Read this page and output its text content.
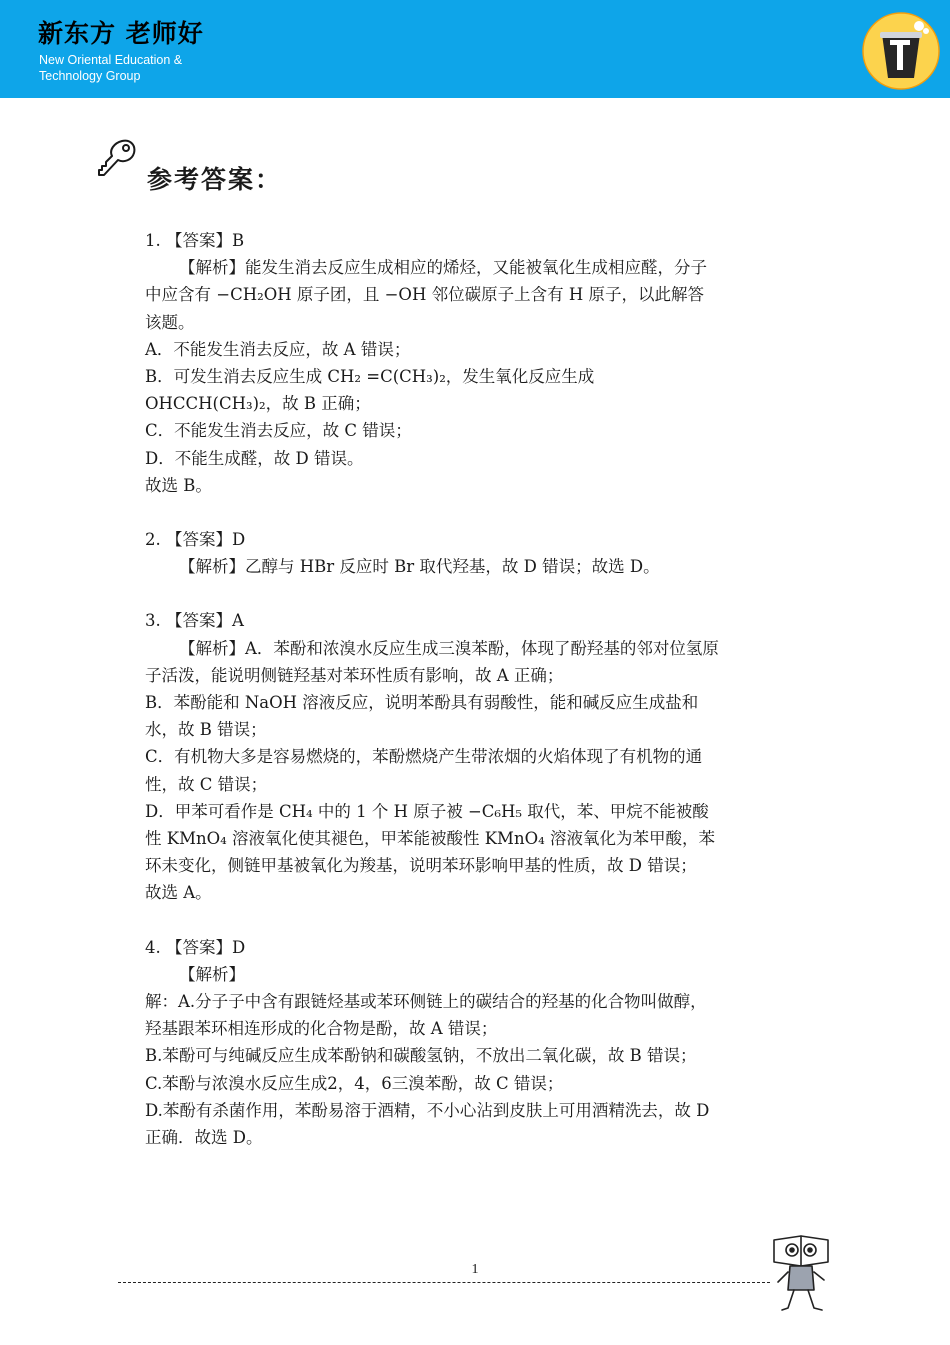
新东方 老师好
New Oriental Education &
Technology Group
参考答案：

1. 【答案】B

【解析】能发生消去反应生成相应的烯烃，又能被氧化生成相应醛，分子

中应含有 −CH₂OH 原子团，且 −OH 邻位碳原子上含有 H 原子，以此解答

该题。

A．不能发生消去反应，故 A 错误；

B．可发生消去反应生成 CH₂ =C(CH₃)₂，发生氧化反应生成

OHCCH(CH₃)₂，故 B 正确；

C．不能发生消去反应，故 C 错误；

D．不能生成醛，故 D 错误。

故选 B。

2. 【答案】D

【解析】乙醇与 HBr 反应时 Br 取代羟基，故 D 错误；故选 D。

3. 【答案】A

【解析】A．苯酚和浓溴水反应生成三溴苯酚，体现了酚羟基的邻对位氢原

子活泼，能说明侧链羟基对苯环性质有影响，故 A 正确；

B．苯酚能和 NaOH 溶液反应，说明苯酚具有弱酸性，能和碱反应生成盐和

水，故 B 错误；

C．有机物大多是容易燃烧的，苯酚燃烧产生带浓烟的火焰体现了有机物的通

性，故 C 错误；

D．甲苯可看作是 CH₄ 中的 1 个 H 原子被 −C₆H₅ 取代，苯、甲烷不能被酸

性 KMnO₄ 溶液氧化使其褪色，甲苯能被酸性 KMnO₄ 溶液氧化为苯甲酸，苯

环未变化，侧链甲基被氧化为羧基，说明苯环影响甲基的性质，故 D 错误；

故选 A。

4. 【答案】D

【解析】

解：A.分子子中含有跟链烃基或苯环侧链上的碳结合的羟基的化合物叫做醇，

羟基跟苯环相连形成的化合物是酚，故 A 错误；

B.苯酚可与纯碱反应生成苯酚钠和碳酸氢钠，不放出二氧化碳，故 B 错误；

C.苯酚与浓溴水反应生成2，4，6三溴苯酚，故 C 错误；

D.苯酚有杀菌作用，苯酚易溶于酒精，不小心沾到皮肤上可用酒精洗去，故 D

正确．故选 D。

1
